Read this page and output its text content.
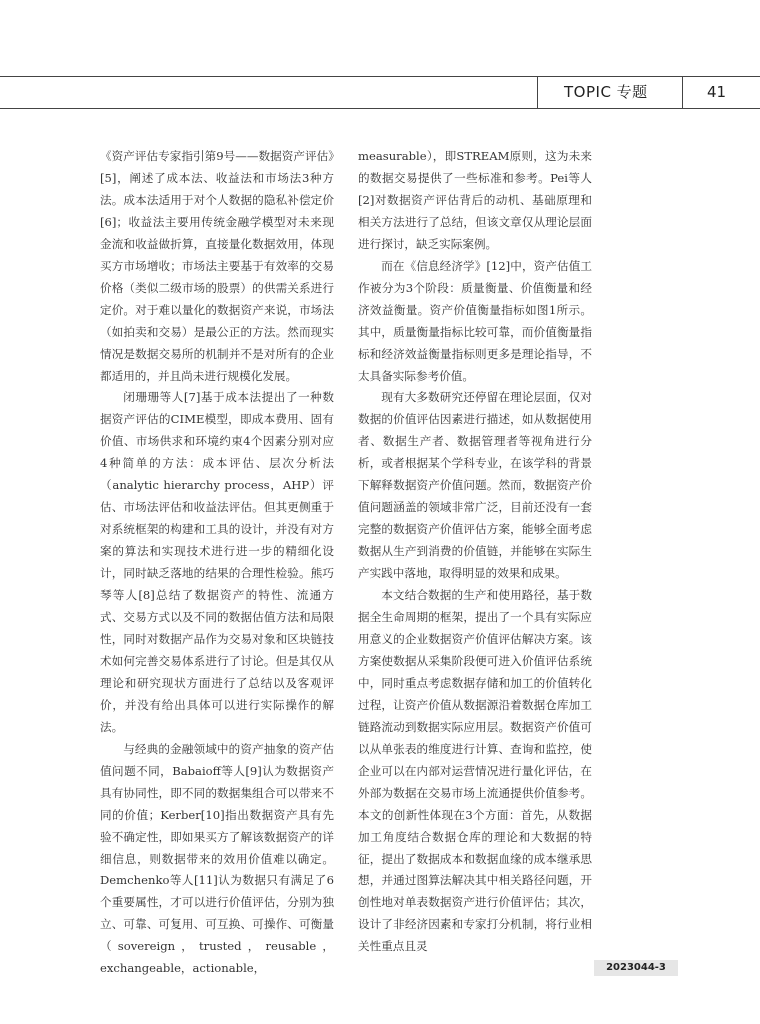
TOPIC 专题	41

《资产评估专家指引第9号——数据资产评估》[5]，阐述了成本法、收益法和市场法3种方法。成本法适用于对个人数据的隐私补偿定价[6]；收益法主要用传统金融学模型对未来现金流和收益做折算，直接量化数据效用，体现买方市场增收；市场法主要基于有效率的交易价格（类似二级市场的股票）的供需关系进行定价。对于难以量化的数据资产来说，市场法（如拍卖和交易）是最公正的方法。然而现实情况是数据交易所的机制并不是对所有的企业都适用的，并且尚未进行规模化发展。

闭珊珊等人[7]基于成本法提出了一种数据资产评估的CIME模型，即成本费用、固有价值、市场供求和环境约束4个因素分别对应4种简单的方法：成本评估、层次分析法（analytic hierarchy process，AHP）评估、市场法评估和收益法评估。但其更侧重于对系统框架的构建和工具的设计，并没有对方案的算法和实现技术进行进一步的精细化设计，同时缺乏落地的结果的合理性检验。熊巧琴等人[8]总结了数据资产的特性、流通方式、交易方式以及不同的数据估值方法和局限性，同时对数据产品作为交易对象和区块链技术如何完善交易体系进行了讨论。但是其仅从理论和研究现状方面进行了总结以及客观评价，并没有给出具体可以进行实际操作的解法。

与经典的金融领域中的资产抽象的资产估值问题不同，Babaioff等人[9]认为数据资产具有协同性，即不同的数据集组合可以带来不同的价值；Kerber[10]指出数据资产具有先验不确定性，即如果买方了解该数据资产的详细信息，则数据带来的效用价值难以确定。Demchenko等人[11]认为数据只有满足了6个重要属性，才可以进行价值评估，分别为独立、可靠、可复用、可互换、可操作、可衡量（sovereign，trusted，reusable，exchangeable，actionable，

measurable），即STREAM原则，这为未来的数据交易提供了一些标准和参考。Pei等人[2]对数据资产评估背后的动机、基础原理和相关方法进行了总结，但该文章仅从理论层面进行探讨，缺乏实际案例。

而在《信息经济学》[12]中，资产估值工作被分为3个阶段：质量衡量、价值衡量和经济效益衡量。资产价值衡量指标如图1所示。其中，质量衡量指标比较可靠，而价值衡量指标和经济效益衡量指标则更多是理论指导，不太具备实际参考价值。

现有大多数研究还停留在理论层面，仅对数据的价值评估因素进行描述，如从数据使用者、数据生产者、数据管理者等视角进行分析，或者根据某个学科专业，在该学科的背景下解释数据资产价值问题。然而，数据资产价值问题涵盖的领域非常广泛，目前还没有一套完整的数据资产价值评估方案，能够全面考虑数据从生产到消费的价值链，并能够在实际生产实践中落地，取得明显的效果和成果。

本文结合数据的生产和使用路径，基于数据全生命周期的框架，提出了一个具有实际应用意义的企业数据资产价值评估解决方案。该方案使数据从采集阶段便可进入价值评估系统中，同时重点考虑数据存储和加工的价值转化过程，让资产价值从数据源沿着数据仓库加工链路流动到数据实际应用层。数据资产价值可以从单张表的维度进行计算、查询和监控，使企业可以在内部对运营情况进行量化评估，在外部为数据在交易市场上流通提供价值参考。本文的创新性体现在3个方面：首先，从数据加工角度结合数据仓库的理论和大数据的特征，提出了数据成本和数据血缘的成本继承思想，并通过图算法解决其中相关路径问题，开创性地对单表数据资产进行价值评估；其次，设计了非经济因素和专家打分机制，将行业相关性重点且灵

2023044-3
